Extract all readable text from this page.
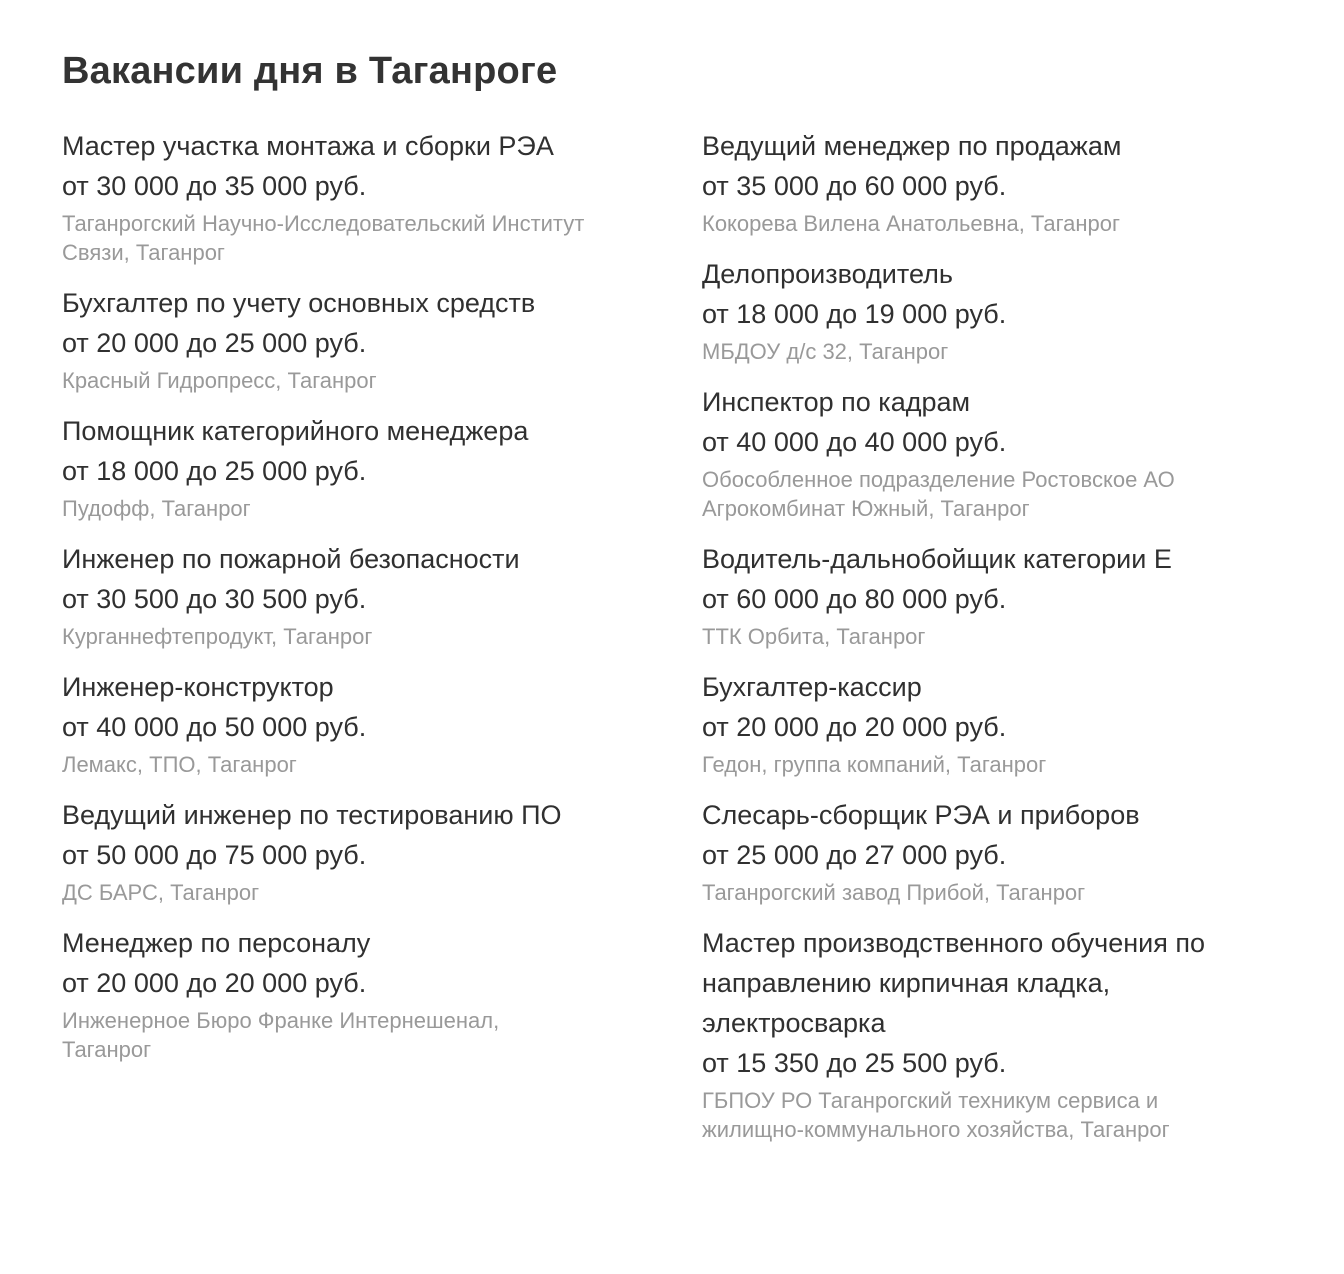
Вакансии дня в Таганроге
Мастер участка монтажа и сборки РЭА
от 30 000 до 35 000 руб.
Таганрогский Научно-Исследовательский Институт Связи, Таганрог
Бухгалтер по учету основных средств
от 20 000 до 25 000 руб.
Красный Гидропресс, Таганрог
Помощник категорийного менеджера
от 18 000 до 25 000 руб.
Пудофф, Таганрог
Инженер по пожарной безопасности
от 30 500 до 30 500 руб.
Курганнефтепродукт, Таганрог
Инженер-конструктор
от 40 000 до 50 000 руб.
Лемакс, ТПО, Таганрог
Ведущий инженер по тестированию ПО
от 50 000 до 75 000 руб.
ДС БАРС, Таганрог
Менеджер по персоналу
от 20 000 до 20 000 руб.
Инженерное Бюро Франке Интернешенал, Таганрог
Ведущий менеджер по продажам
от 35 000 до 60 000 руб.
Кокорева Вилена Анатольевна, Таганрог
Делопроизводитель
от 18 000 до 19 000 руб.
МБДОУ д/с 32, Таганрог
Инспектор по кадрам
от 40 000 до 40 000 руб.
Обособленное подразделение Ростовское АО Агрокомбинат Южный, Таганрог
Водитель-дальнобойщик категории Е
от 60 000 до 80 000 руб.
ТТК Орбита, Таганрог
Бухгалтер-кассир
от 20 000 до 20 000 руб.
Гедон, группа компаний, Таганрог
Слесарь-сборщик РЭА и приборов
от 25 000 до 27 000 руб.
Таганрогский завод Прибой, Таганрог
Мастер производственного обучения по направлению кирпичная кладка, электросварка
от 15 350 до 25 500 руб.
ГБПОУ РО Таганрогский техникум сервиса и жилищно-коммунального хозяйства, Таганрог
